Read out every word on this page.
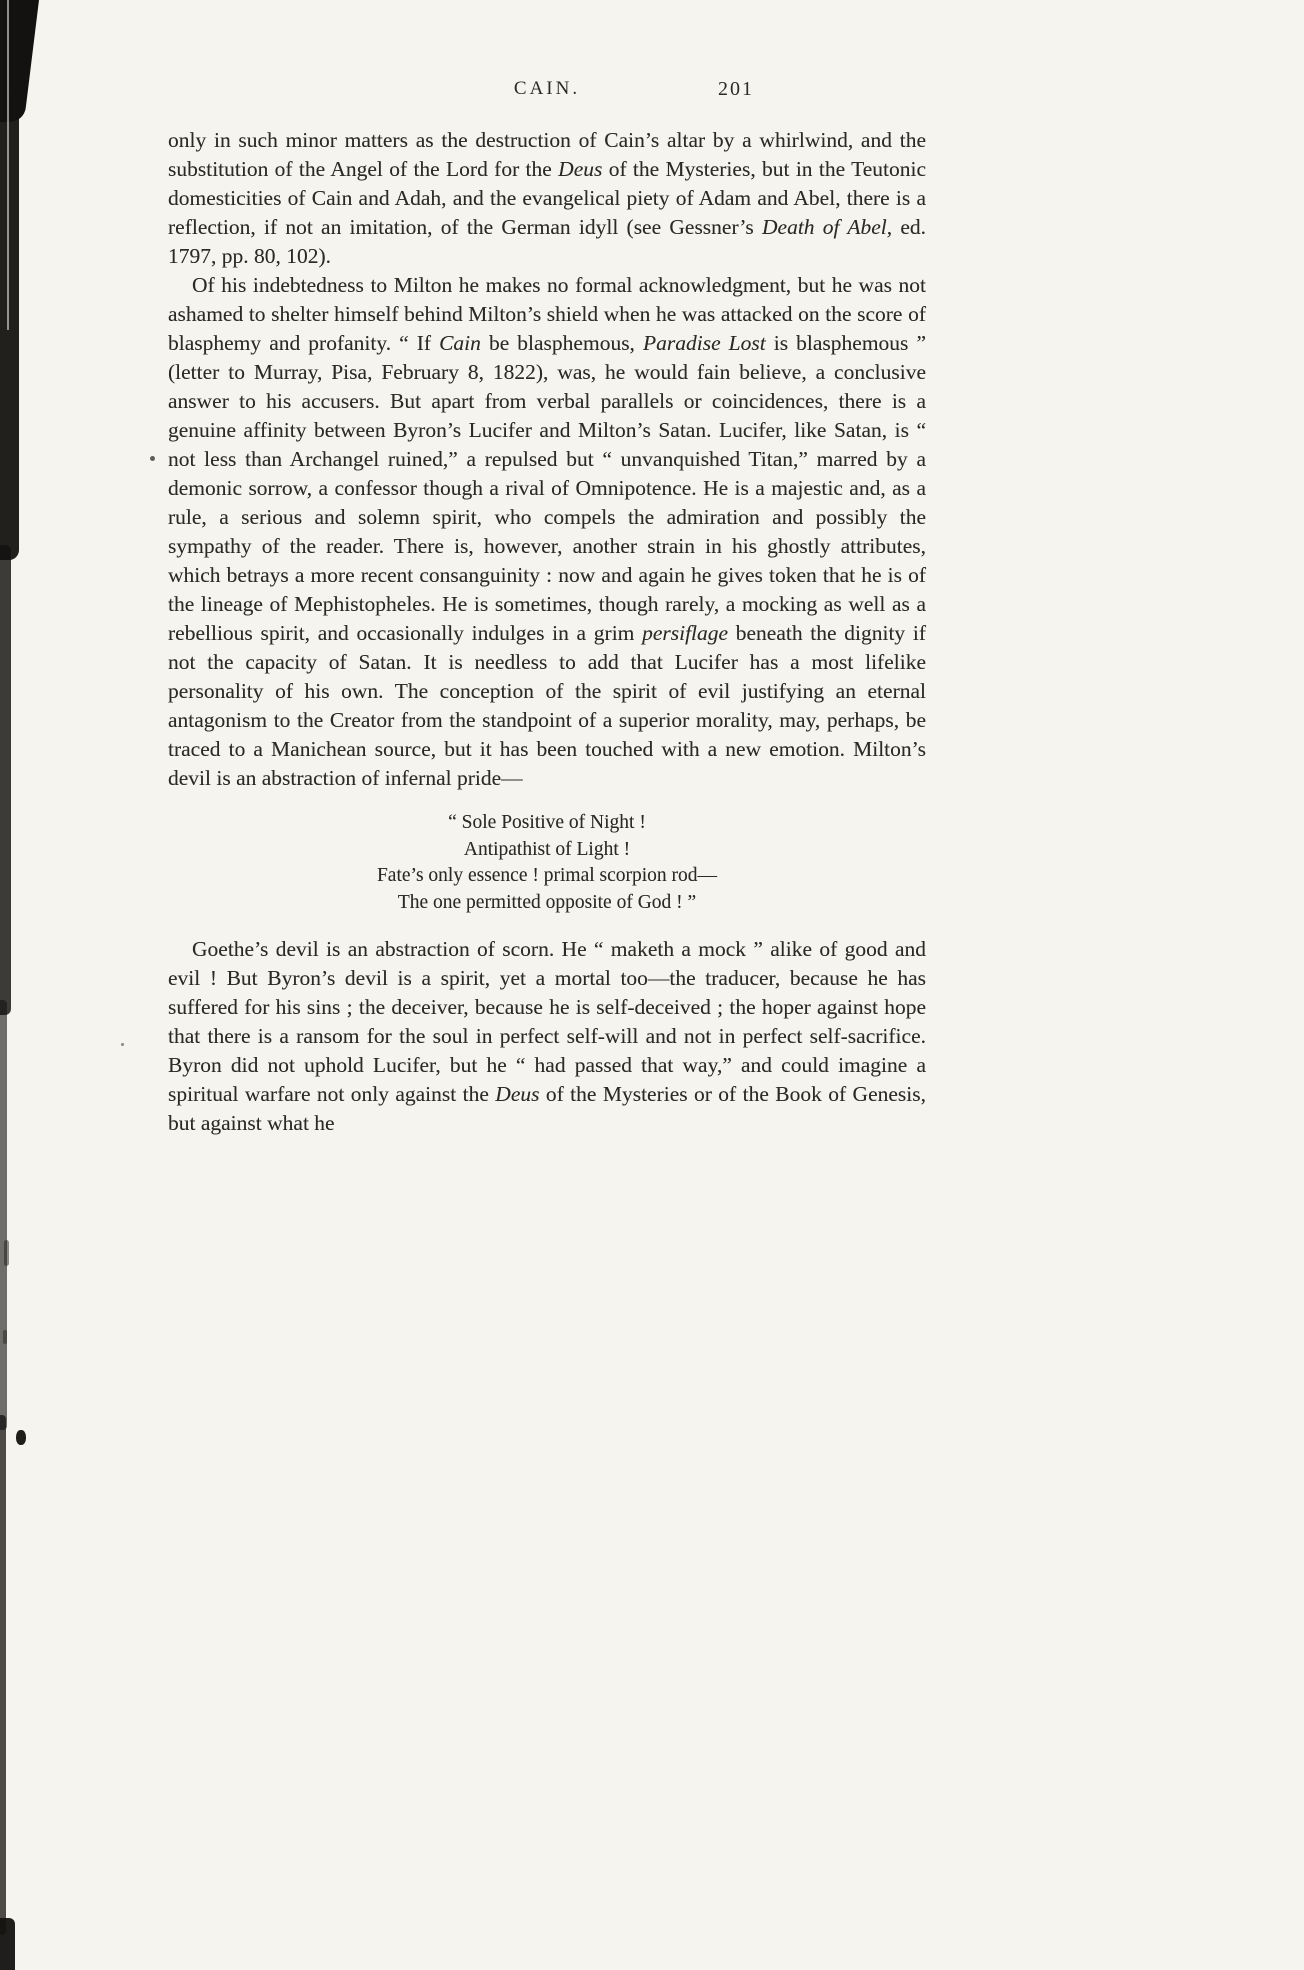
CAIN.	201

only in such minor matters as the destruction of Cain’s altar by a whirlwind, and the substitution of the Angel of the Lord for the Deus of the Mysteries, but in the Teutonic domesticities of Cain and Adah, and the evangelical piety of Adam and Abel, there is a reflection, if not an imitation, of the German idyll (see Gessner’s Death of Abel, ed. 1797, pp. 80, 102).

Of his indebtedness to Milton he makes no formal acknowledgment, but he was not ashamed to shelter himself behind Milton’s shield when he was attacked on the score of blasphemy and profanity. “ If Cain be blasphemous, Paradise Lost is blasphemous ” (letter to Murray, Pisa, February 8, 1822), was, he would fain believe, a conclusive answer to his accusers. But apart from verbal parallels or coincidences, there is a genuine affinity between Byron’s Lucifer and Milton’s Satan. Lucifer, like Satan, is “ not less than Archangel ruined,” a repulsed but “ unvanquished Titan,” marred by a demonic sorrow, a confessor though a rival of Omnipotence. He is a majestic and, as a rule, a serious and solemn spirit, who compels the admiration and possibly the sympathy of the reader. There is, however, another strain in his ghostly attributes, which betrays a more recent consanguinity : now and again he gives token that he is of the lineage of Mephistopheles. He is sometimes, though rarely, a mocking as well as a rebellious spirit, and occasionally indulges in a grim persiflage beneath the dignity if not the capacity of Satan. It is needless to add that Lucifer has a most lifelike personality of his own. The conception of the spirit of evil justifying an eternal antagonism to the Creator from the standpoint of a superior morality, may, perhaps, be traced to a Manichean source, but it has been touched with a new emotion. Milton’s devil is an abstraction of infernal pride—

“ Sole Positive of Night !
Antipathist of Light !
Fate’s only essence ! primal scorpion rod—
The one permitted opposite of God ! ”

Goethe’s devil is an abstraction of scorn. He “ maketh a mock ” alike of good and evil ! But Byron’s devil is a spirit, yet a mortal too—the traducer, because he has suffered for his sins ; the deceiver, because he is self-deceived ; the hoper against hope that there is a ransom for the soul in perfect self-will and not in perfect self-sacrifice. Byron did not uphold Lucifer, but he “ had passed that way,” and could imagine a spiritual warfare not only against the Deus of the Mysteries or of the Book of Genesis, but against what he
